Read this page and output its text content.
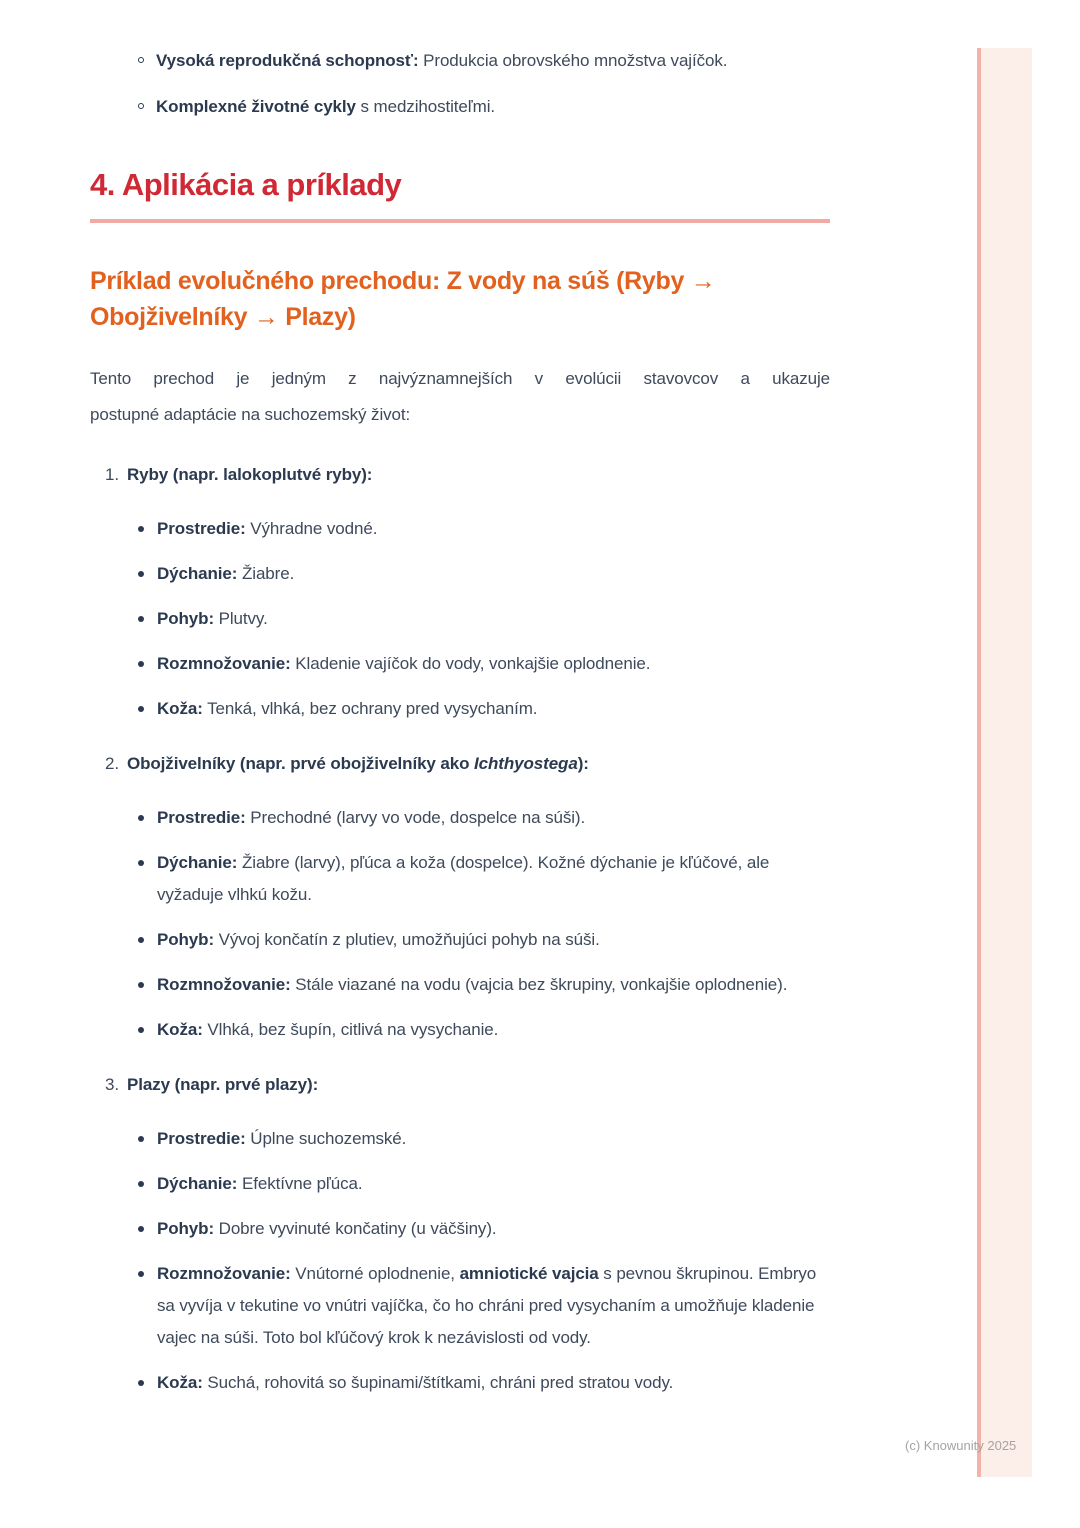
Vysoká reprodukčná schopnosť: Produkcia obrovského množstva vajíčok.
Komplexné životné cykly s medzihostiteľmi.
4. Aplikácia a príklady
Príklad evolučného prechodu: Z vody na súš (Ryby → Obojživelníky → Plazy)
Tento prechod je jedným z najvýznamnejších v evolúcii stavovcov a ukazuje
postupné adaptácie na suchozemský život:
1. Ryby (napr. lalokoplutvé ryby):
Prostredie: Výhradne vodné.
Dýchanie: Žiabre.
Pohyb: Plutvy.
Rozmnožovanie: Kladenie vajíčok do vody, vonkajšie oplodnenie.
Koža: Tenká, vlhká, bez ochrany pred vysychaním.
2. Obojživelníky (napr. prvé obojživelníky ako Ichthyostega):
Prostredie: Prechodné (larvy vo vode, dospelce na súši).
Dýchanie: Žiabre (larvy), pľúca a koža (dospelce). Kožné dýchanie je kľúčové, ale vyžaduje vlhkú kožu.
Pohyb: Vývoj končatín z plutiev, umožňujúci pohyb na súši.
Rozmnožovanie: Stále viazané na vodu (vajcia bez škrupiny, vonkajšie oplodnenie).
Koža: Vlhká, bez šupín, citlivá na vysychanie.
3. Plazy (napr. prvé plazy):
Prostredie: Úplne suchozemské.
Dýchanie: Efektívne pľúca.
Pohyb: Dobre vyvinuté končatiny (u väčšiny).
Rozmnožovanie: Vnútorné oplodnenie, amniotické vajcia s pevnou škrupinou. Embryo sa vyvíja v tekutine vo vnútri vajíčka, čo ho chráni pred vysychaním a umožňuje kladenie vajec na súši. Toto bol kľúčový krok k nezávislosti od vody.
Koža: Suchá, rohovitá so šupinami/štítkami, chráni pred stratou vody.
(c) Knowunity 2025
